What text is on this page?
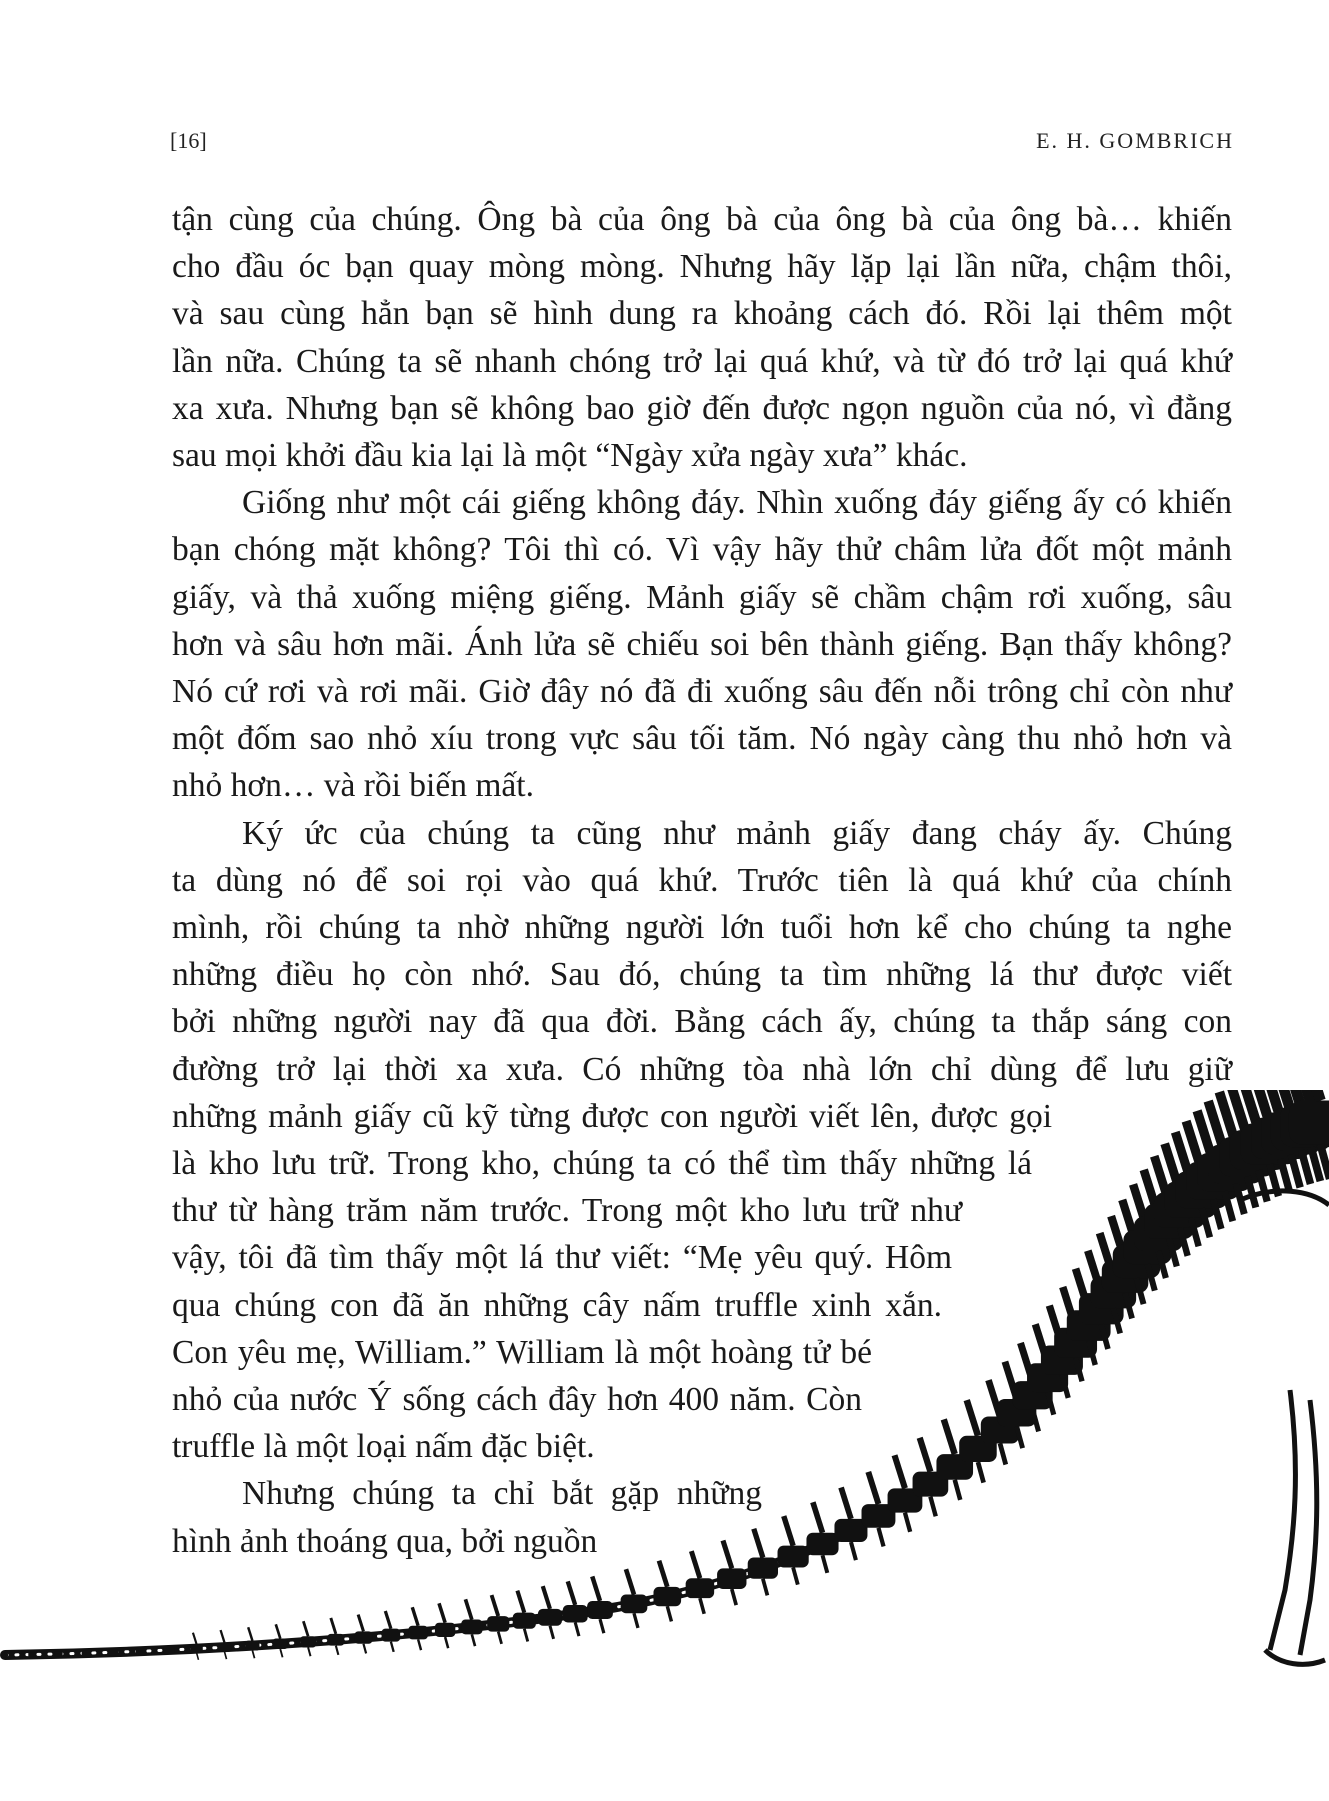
[16]	E. H. GOMBRICH

tận cùng của chúng. Ông bà của ông bà của ông bà của ông bà… khiến
cho đầu óc bạn quay mòng mòng. Nhưng hãy lặp lại lần nữa, chậm thôi,
và sau cùng hẳn bạn sẽ hình dung ra khoảng cách đó. Rồi lại thêm một
lần nữa. Chúng ta sẽ nhanh chóng trở lại quá khứ, và từ đó trở lại quá khứ
xa xưa. Nhưng bạn sẽ không bao giờ đến được ngọn nguồn của nó, vì đằng
sau mọi khởi đầu kia lại là một “Ngày xửa ngày xưa” khác.

Giống như một cái giếng không đáy. Nhìn xuống đáy giếng ấy có khiến
bạn chóng mặt không? Tôi thì có. Vì vậy hãy thử châm lửa đốt một mảnh
giấy, và thả xuống miệng giếng. Mảnh giấy sẽ chầm chậm rơi xuống, sâu
hơn và sâu hơn mãi. Ánh lửa sẽ chiếu soi bên thành giếng. Bạn thấy không?
Nó cứ rơi và rơi mãi. Giờ đây nó đã đi xuống sâu đến nỗi trông chỉ còn như
một đốm sao nhỏ xíu trong vực sâu tối tăm. Nó ngày càng thu nhỏ hơn và
nhỏ hơn… và rồi biến mất.

Ký ức của chúng ta cũng như mảnh giấy đang cháy ấy. Chúng
ta dùng nó để soi rọi vào quá khứ. Trước tiên là quá khứ của chính
mình, rồi chúng ta nhờ những người lớn tuổi hơn kể cho chúng ta nghe
những điều họ còn nhớ. Sau đó, chúng ta tìm những lá thư được viết
bởi những người nay đã qua đời. Bằng cách ấy, chúng ta thắp sáng con
đường trở lại thời xa xưa. Có những tòa nhà lớn chỉ dùng để lưu giữ
những mảnh giấy cũ kỹ từng được con người viết lên, được gọi
là kho lưu trữ. Trong kho, chúng ta có thể tìm thấy những lá
thư từ hàng trăm năm trước. Trong một kho lưu trữ như
vậy, tôi đã tìm thấy một lá thư viết: “Mẹ yêu quý. Hôm
qua chúng con đã ăn những cây nấm truffle xinh xắn.
Con yêu mẹ, William.” William là một hoàng tử bé
nhỏ của nước Ý sống cách đây hơn 400 năm. Còn
truffle là một loại nấm đặc biệt.

Nhưng chúng ta chỉ bắt gặp những
hình ảnh thoáng qua, bởi nguồn
